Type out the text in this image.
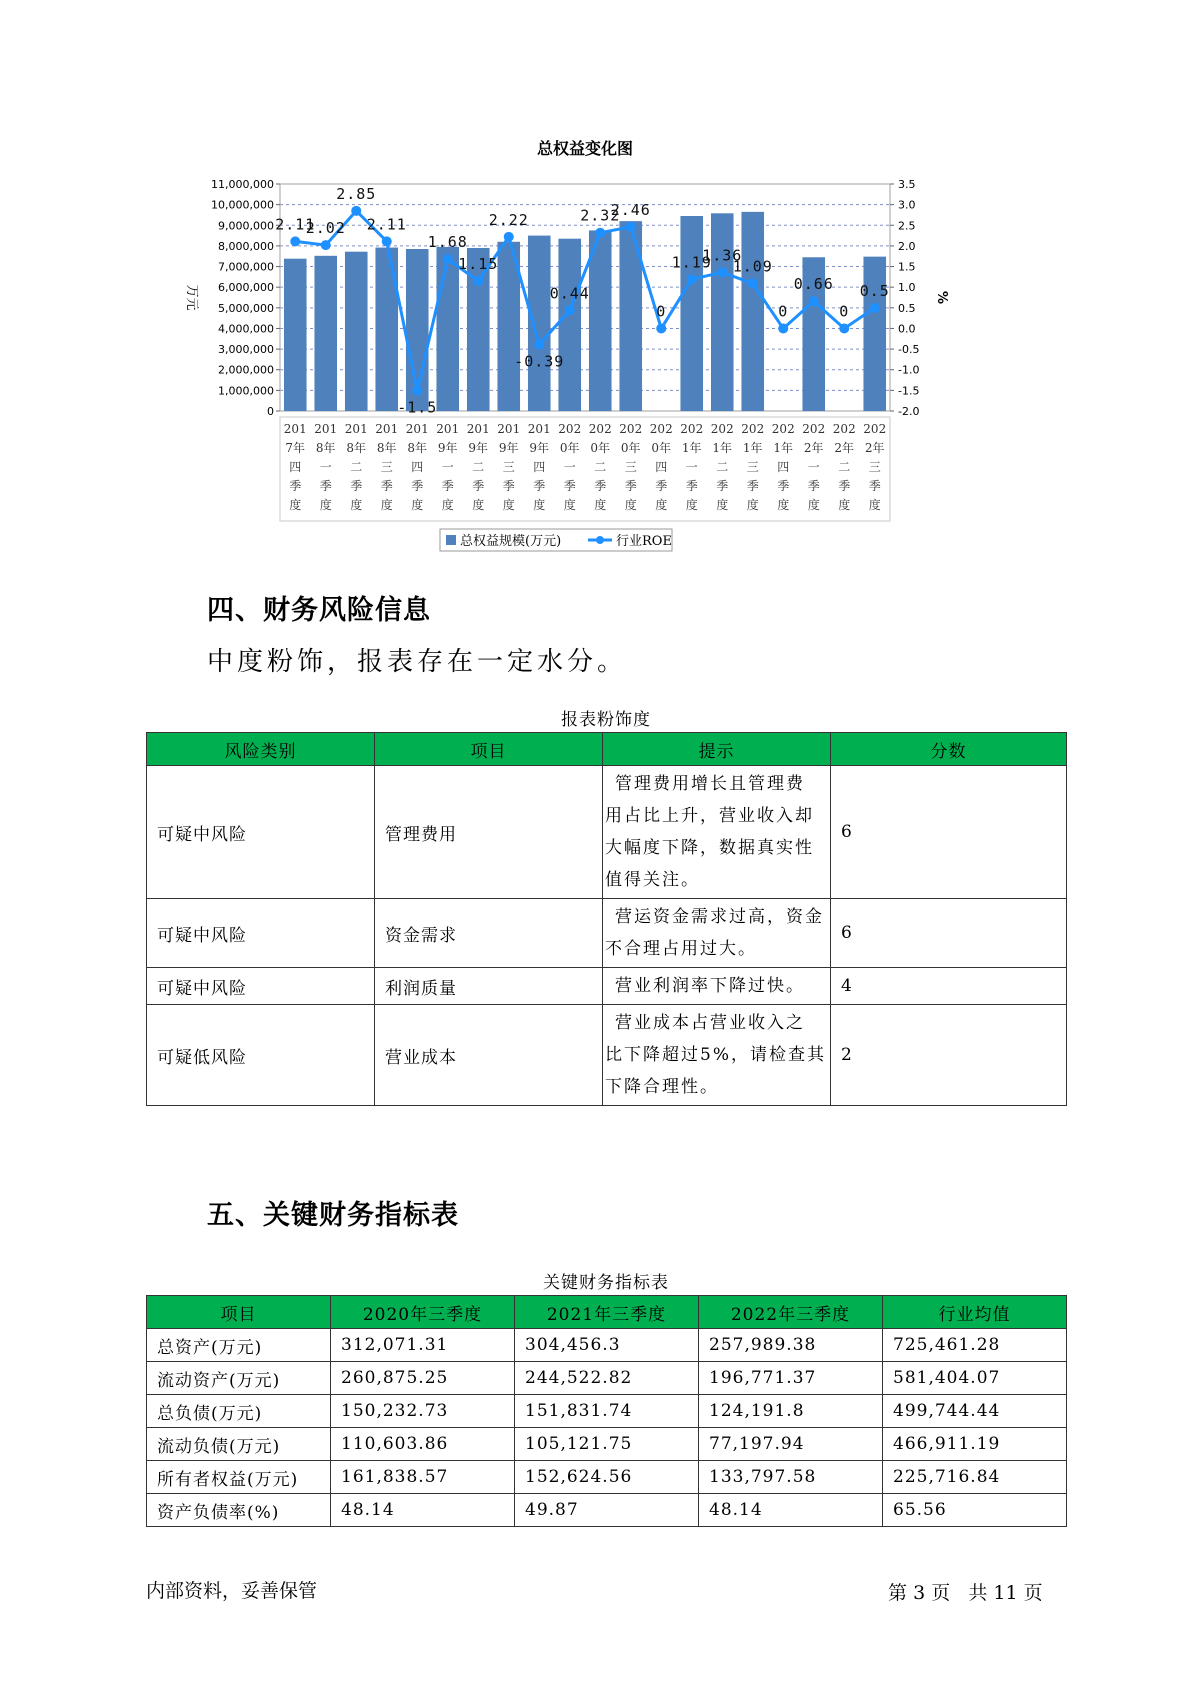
总权益变化图
0
1,000,000
2,000,000
3,000,000
4,000,000
5,000,000
6,000,000
7,000,000
8,000,000
9,000,000
10,000,000
11,000,000
-2.0
-1.5
-1.0
-0.5
0.0
0.5
1.0
1.5
2.0
2.5
3.0
3.5
万元	%
201
7年
四
季
度
201
8年
一
季
度
201
8年
二
季
度
201
8年
三
季
度
201
8年
四
季
度
201
9年
一
季
度
201
9年
二
季
度
201
9年
三
季
度
201
9年
四
季
度
202
0年
一
季
度
202
0年
二
季
度
202
0年
三
季
度
202
0年
四
季
度
202
1年
一
季
度
202
1年
二
季
度
202
1年
三
季
度
202
1年
四
季
度
202
2年
一
季
度
202
2年
二
季
度
202
2年
三
季
度
2.11
2.02
2.85
2.11
-1.5
1.68
1.15
2.22
-0.39
0.44
2.32
2.46
0
1.19
1.36
1.09
0
0.66
0
0.5
总权益规模(万元)	行业ROE
四、财务风险信息

中度粉饰，报表存在一定水分。

报表粉饰度
风险类别	项目	提示	分数
可疑中风险	管理费用	管理费用增长且管理费
用占比上升，营业收入却
大幅度下降，数据真实性
值得关注。	6
可疑中风险	资金需求	营运资金需求过高，资金
不合理占用过大。	6
可疑中风险	利润质量	营业利润率下降过快。	4
可疑低风险	营业成本	营业成本占营业收入之
比下降超过5%，请检查其
下降合理性。	2
五、关键财务指标表
关键财务指标表
项目	2020年三季度	2021年三季度	2022年三季度	行业均值
总资产(万元)	312,071.31	304,456.3	257,989.38	725,461.28
流动资产(万元)	260,875.25	244,522.82	196,771.37	581,404.07
总负债(万元)	150,232.73	151,831.74	124,191.8	499,744.44
流动负债(万元)	110,603.86	105,121.75	77,197.94	466,911.19
所有者权益(万元)	161,838.57	152,624.56	133,797.58	225,716.84
资产负债率(%)	48.14	49.87	48.14	65.56
内部资料，妥善保管	第 3 页 共 11 页
